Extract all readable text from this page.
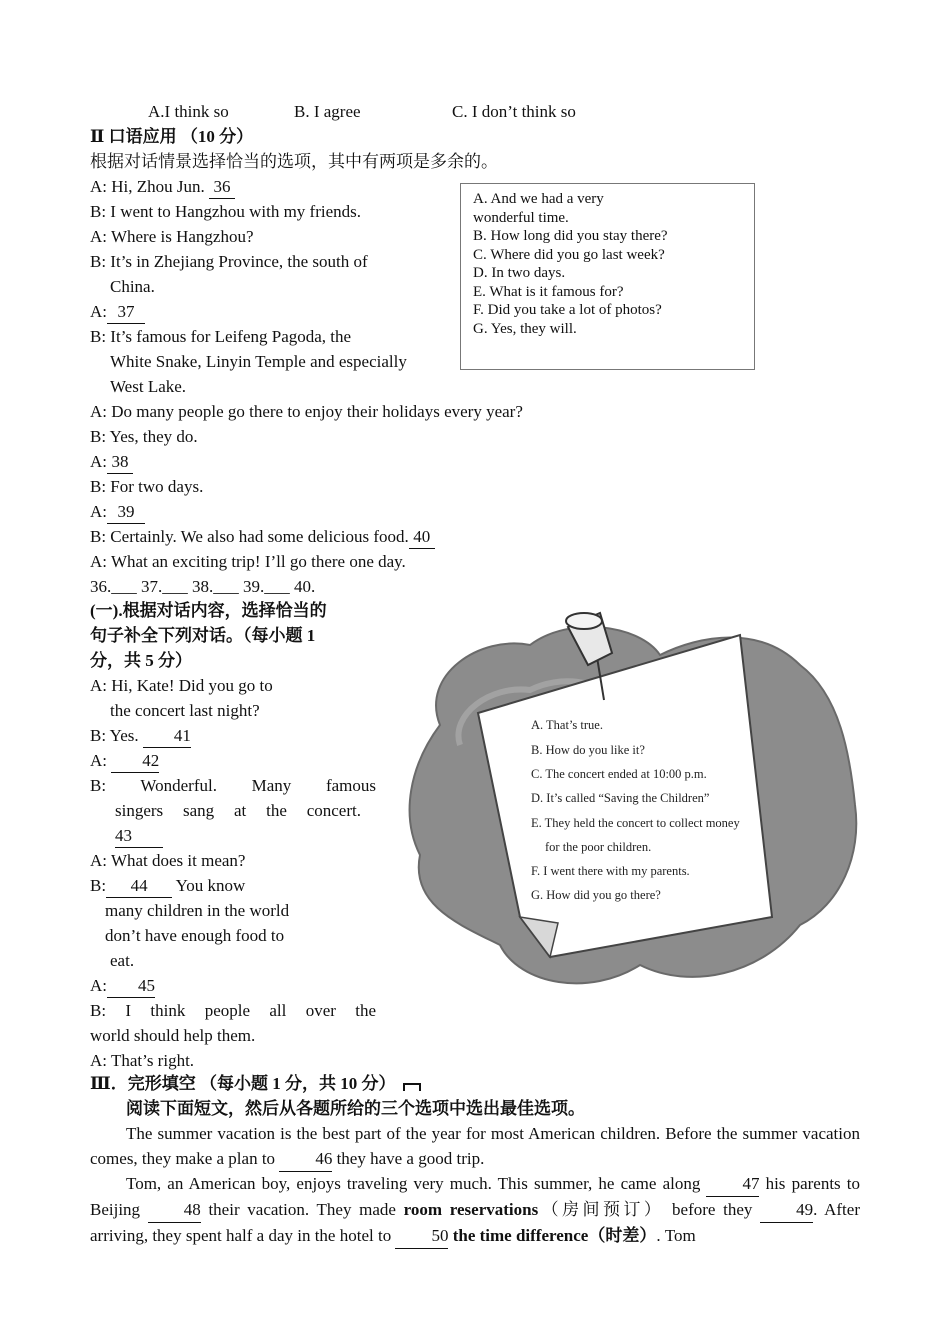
A.I think so	B. I agree	C. I don’t think so
Ⅱ 口语应用 （10 分）
根据对话情景选择恰当的选项，其中有两项是多余的。
A: Hi, Zhou Jun. 36
B: I went to Hangzhou with my friends.
A: Where is Hangzhou?
B: It’s in Zhejiang Province, the south of
China.
A: 37
B: It’s famous for Leifeng Pagoda, the
White Snake, Linyin Temple and especially
West Lake.
A: Do many people go there to enjoy their holidays every year?
B: Yes, they do.
A: 38
B: For two days.
A: 39
B: Certainly. We also had some delicious food. 40
A: What an exciting trip! I’ll go there one day.
36.___ 37.___ 38.___ 39.___ 40.
A. And we had a very
wonderful time.
B. How long did you stay there?
C. Where did you go last week?
D. In two days.
E. What is it famous for?
F. Did you take a lot of photos?
G. Yes, they will.
(一).根据对话内容，选择恰当的
句子补全下列对话。（每小题 1
分，共 5 分）
A: Hi, Kate! Did you go to
the concert last night?
B: Yes. 41
A: 42
B: Wonderful. Many famous
singers sang at the concert.
43
A: What does it mean?
B: 44 You know
many children in the world
don’t have enough food to
eat.
A: 45
B: I think people all over the
world should help them.
A: That’s right.
A. That’s true.
B. How do you like it?
C. The concert ended at 10:00 p.m.
D. It’s called “Saving the Children”
E. They held the concert to collect money
for the poor children.
F. I went there with my parents.
G. How did you go there?
Ⅲ．完形填空 （每小题 1 分，共 10 分）
阅读下面短文，然后从各题所给的三个选项中选出最佳选项。
The summer vacation is the best part of the year for most American children. Before the summer vacation comes, they make a plan to 46 they have a good trip.
Tom, an American boy, enjoys traveling very much. This summer, he came along 47 his parents to Beijing 48 their vacation. They made room reservations（房间预订） before they	49. After arriving, they spent half a day in the hotel to 50 the time difference（时差）. Tom
